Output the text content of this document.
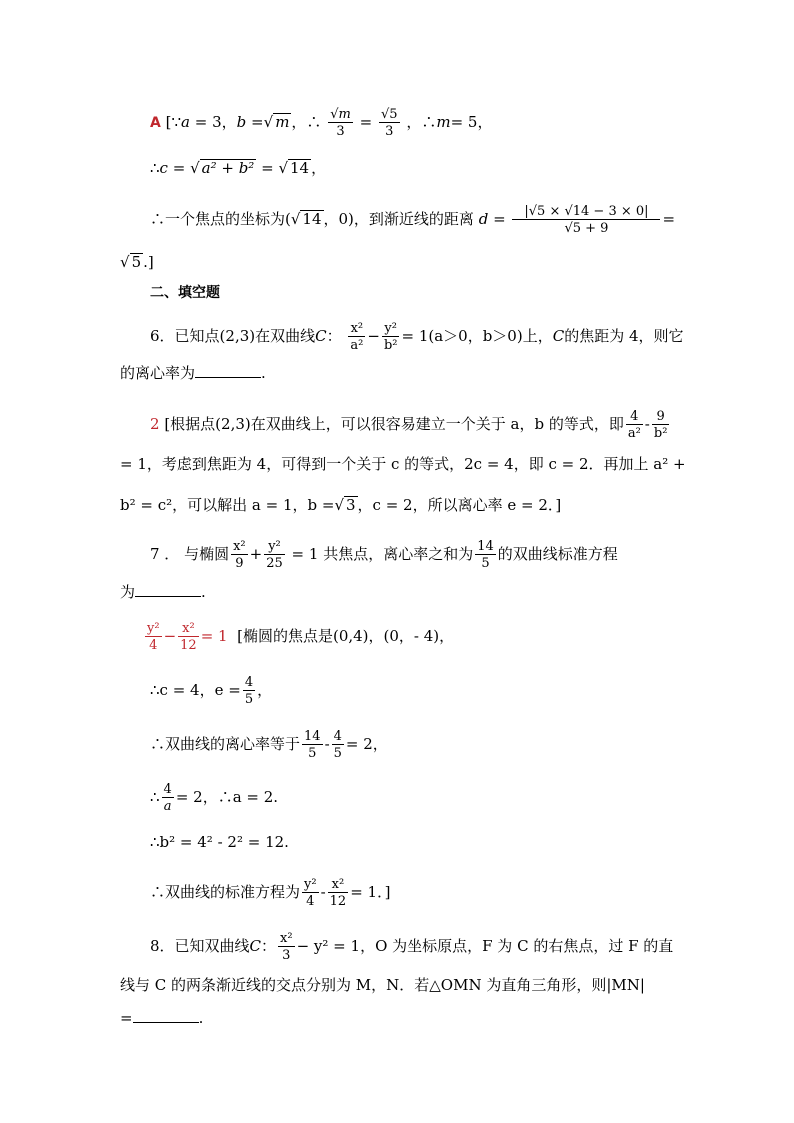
A [∵a = 3，b =√ m ，∴ $\frac{√m}{3} = \frac{√5}{3}$ ，∴m= 5，
∴c = √ a² + b² = √ 14 ，
∴一个焦点的坐标为(√ 14 ，0)，到渐近线的距离 $d = \frac{|√5 \times √14 - 3 \times 0|}{√5 + 9}$ =
√ 5 .]
二、填空题
6．已知点(2,3)在双曲线C： $\frac{\text{x²}}{\text{a²}} - \frac{\text{y²}}{\text{b²}} = 1(a>0$，b＞0)上，C的焦距为 4，则它
的离心率为	.
2 [根据点(2,3)在双曲线上，可以很容易建立一个关于 a，b 的等式，即 $\frac{4}{\text{a²}} - \frac{9}{\text{b²}}$
= 1，考虑到焦距为 4，可得到一个关于 c 的等式，2c = 4，即 c = 2．再加上 a² +
b² = c²，可以解出 a = 1，b =√ 3 ，c = 2，所以离心率 e = 2．]
7 ． 与椭圆 $\frac{\text{x²}}{9} + \frac{\text{y²}}{25} = 1$ 共焦点，离心率之和为 $\frac{14}{5}$ 的双曲线标准方程
为	.
$\frac{\text{y²}}{4} - \frac{\text{x²}}{12} = 1$ [椭圆的焦点是(0,4)，(0，- 4)，
∴c = 4，$e = \frac{4}{5}$ ，
∴双曲线的离心率等于 $\frac{14}{5} - \frac{4}{5} = 2$，
∴ $\frac{4}{a} = 2$，∴a = 2.
∴b² = 4² - 2² = 12.
∴双曲线的标准方程为 $\frac{\text{y²}}{4} - \frac{\text{x²}}{12} = 1$．]
8．已知双曲线C： $\frac{\text{x²}}{3} - y^2 = 1$，O 为坐标原点，F 为 C 的右焦点，过 F 的直
线与 C 的两条渐近线的交点分别为 M，N．若△OMN 为直角三角形，则|MN|
=	.
